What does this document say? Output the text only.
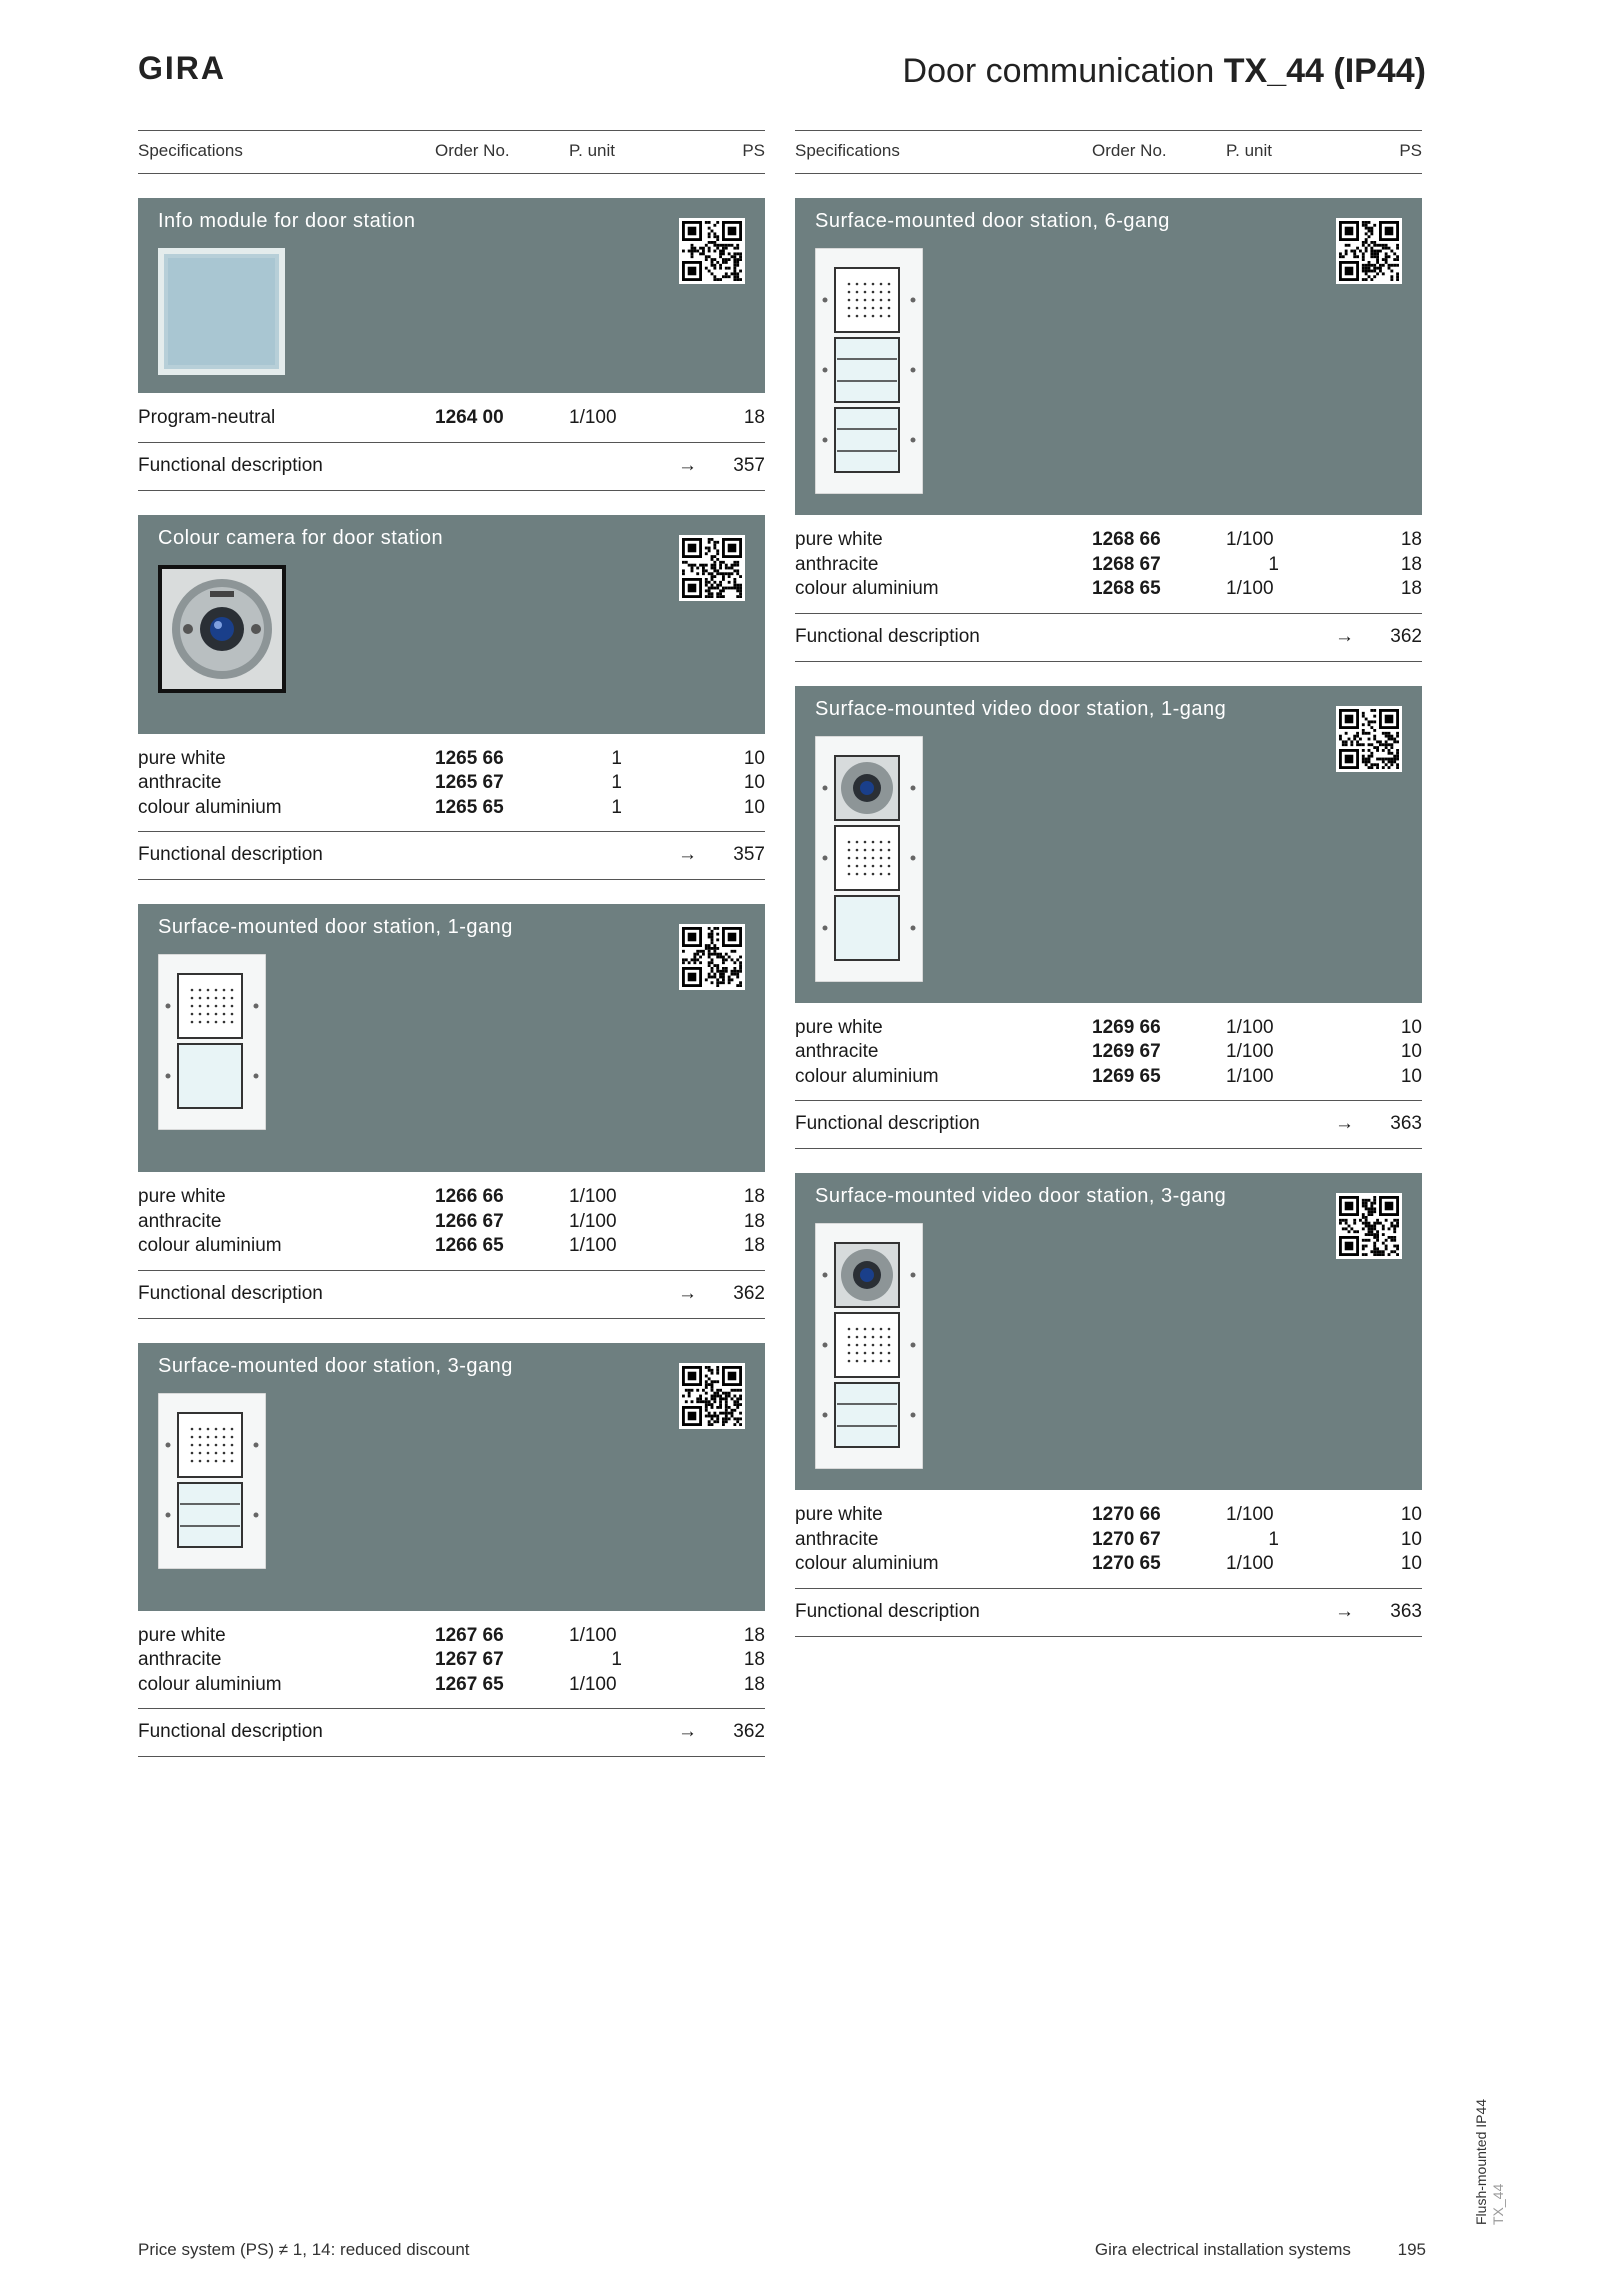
GIRA	Door communication TX_44 (IP44)
Specifications	Order No.	P. unit	PS
Info module for door station
Program-neutral	1264 00	1/100	18
Functional description	→ 357
Colour camera for door station
pure white	1265 66	1	10
anthracite	1265 67	1	10
colour aluminium	1265 65	1	10
Functional description	→ 357
Surface-mounted door station, 1-gang
pure white	1266 66	1/100	18
anthracite	1266 67	1/100	18
colour aluminium	1266 65	1/100	18
Functional description	→ 362
Surface-mounted door station, 3-gang
pure white	1267 66	1/100	18
anthracite	1267 67	1	18
colour aluminium	1267 65	1/100	18
Functional description	→ 362
Specifications	Order No.	P. unit	PS
Surface-mounted door station, 6-gang
pure white	1268 66	1/100	18
anthracite	1268 67	1	18
colour aluminium	1268 65	1/100	18
Functional description	→ 362
Surface-mounted video door station, 1-gang
pure white	1269 66	1/100	10
anthracite	1269 67	1/100	10
colour aluminium	1269 65	1/100	10
Functional description	→ 363
Surface-mounted video door station, 3-gang
pure white	1270 66	1/100	10
anthracite	1270 67	1	10
colour aluminium	1270 65	1/100	10
Functional description	→ 363
Flush-mounted IP44 TX_44
Price system (PS) ≠ 1, 14: reduced discount	Gira electrical installation systems	195
